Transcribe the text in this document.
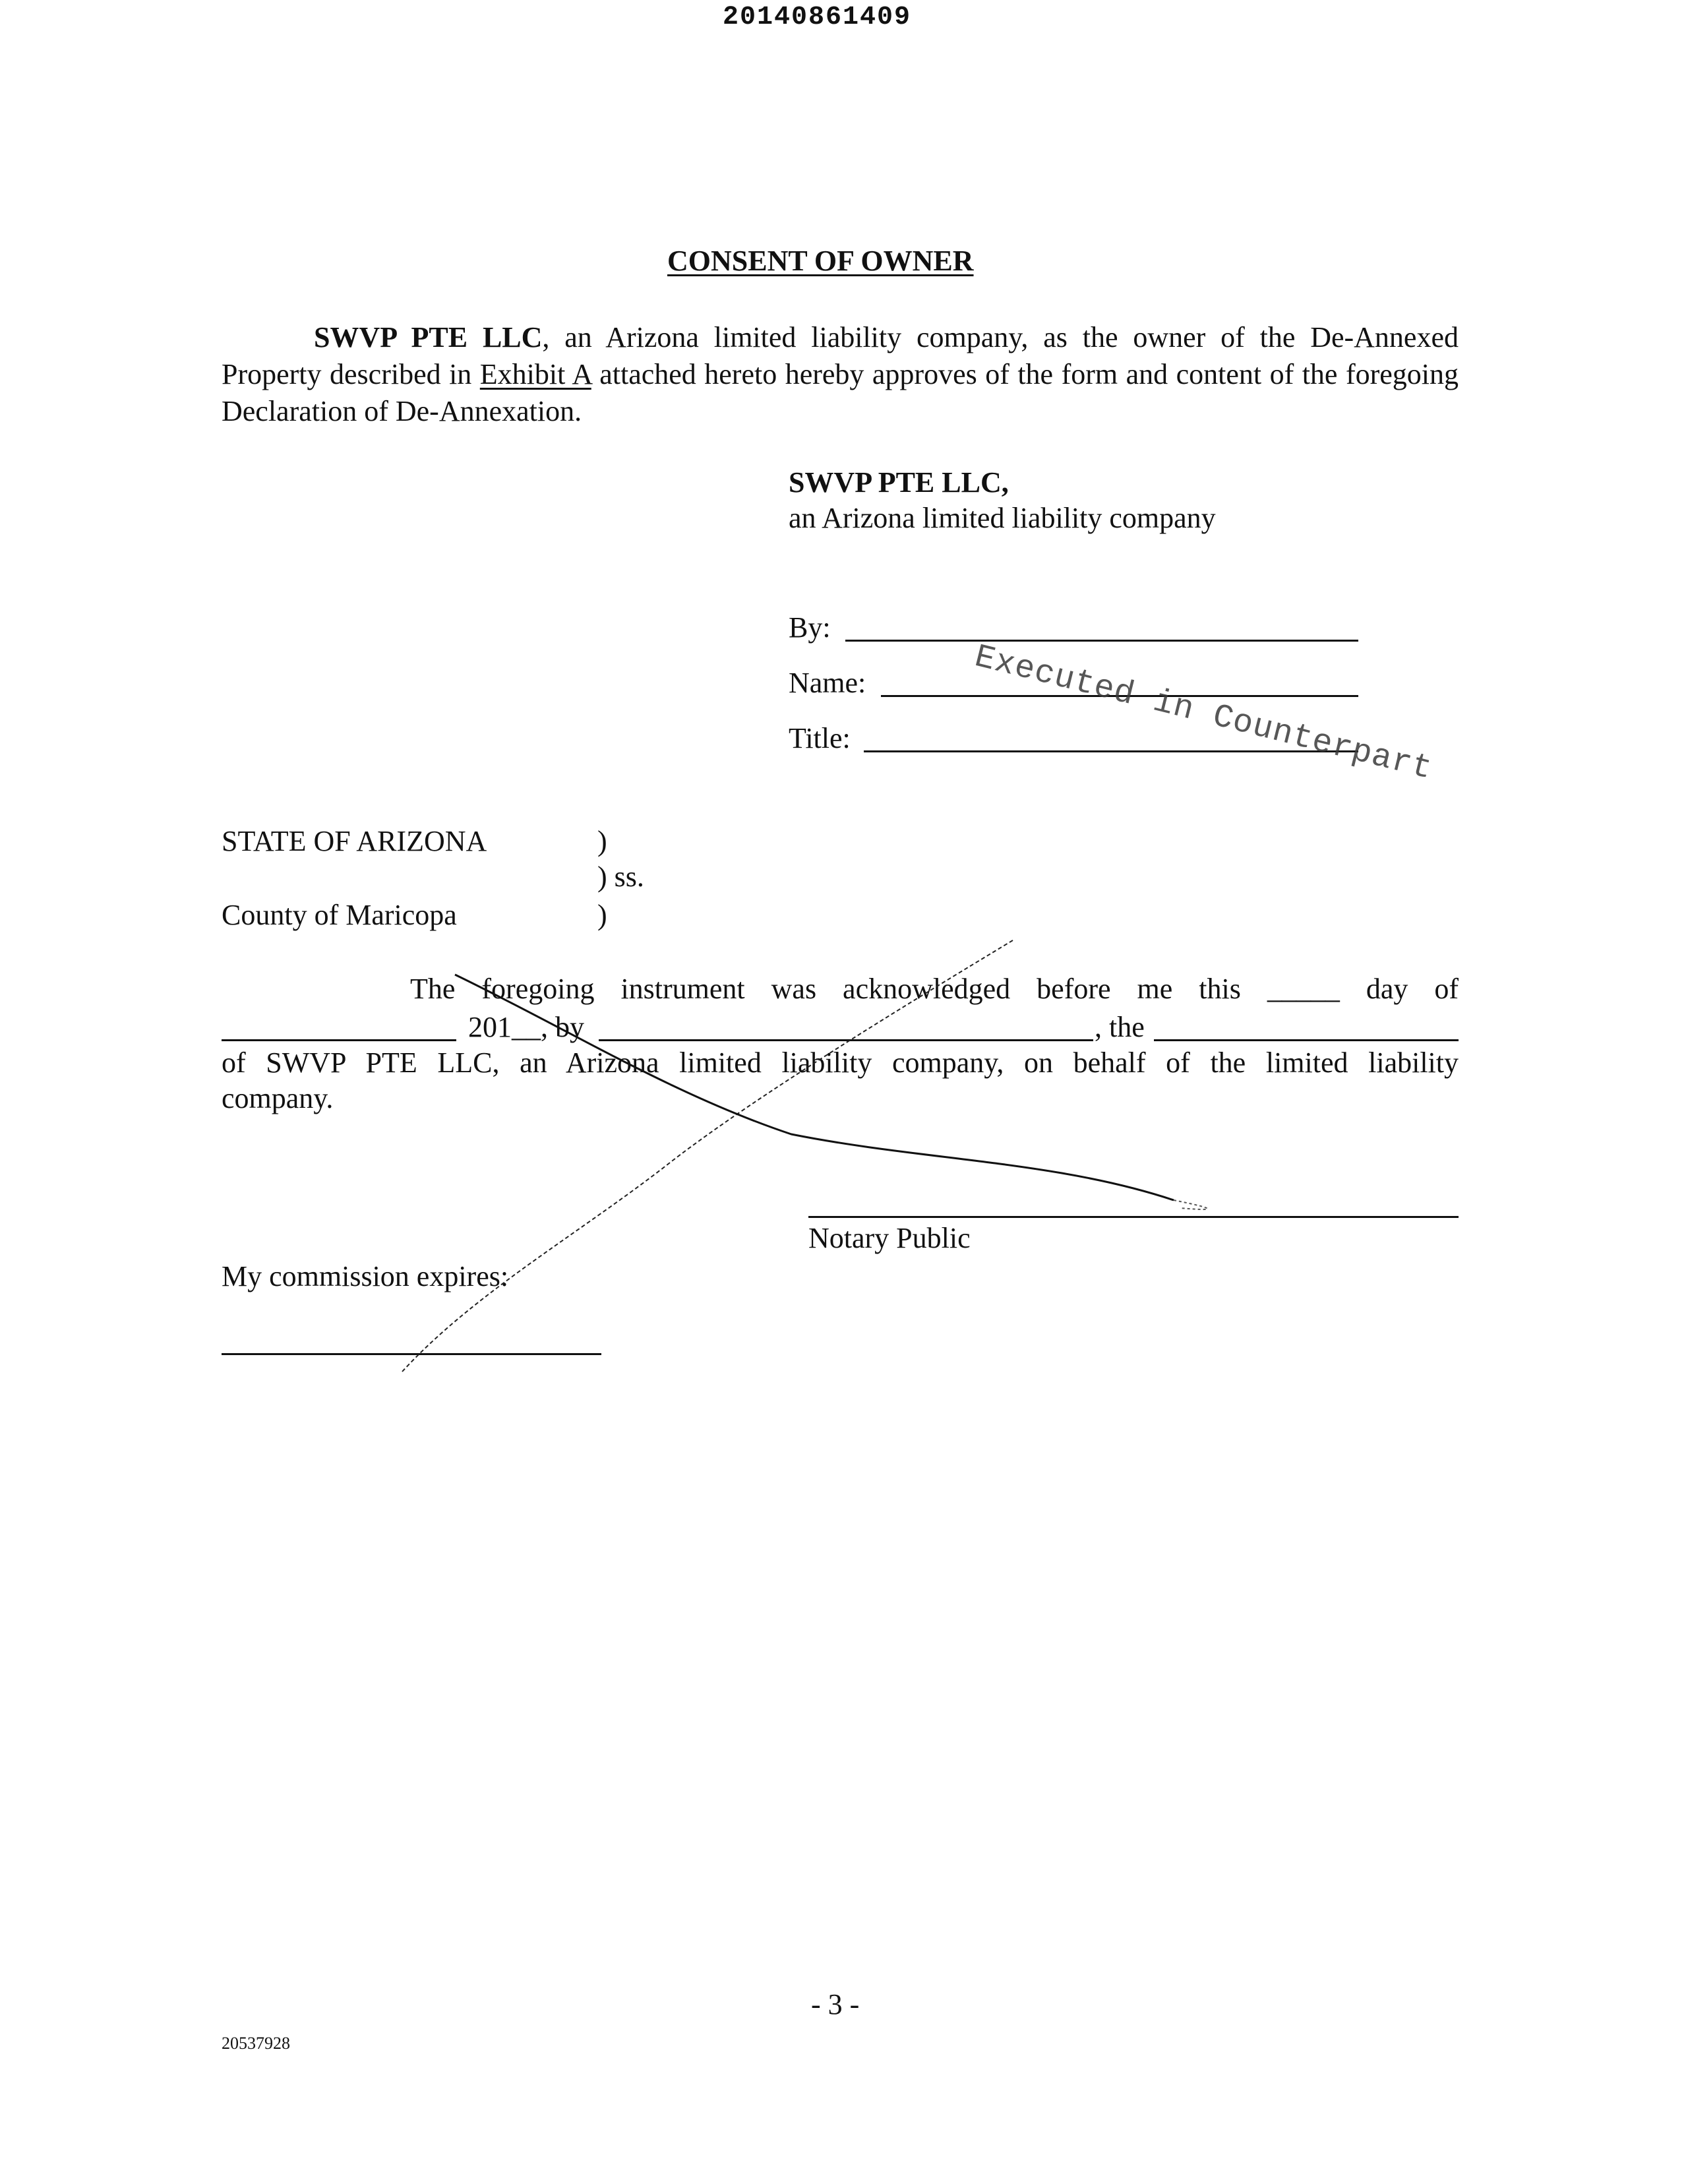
20140861409
CONSENT OF OWNER
SWVP PTE LLC, an Arizona limited liability company, as the owner of the De-Annexed Property described in Exhibit A attached hereto hereby approves of the form and content of the foregoing Declaration of De-Annexation.
SWVP PTE LLC,
an Arizona limited liability company
By:
Name:
Title:	Executed in Counterpart
STATE OF ARIZONA	)
) ss.
County of Maricopa	)
The foregoing instrument was acknowledged before me this _____ day of
201__, by	, the
of SWVP PTE LLC, an Arizona limited liability company, on behalf of the limited liability
company.
Notary Public
My commission expires:
- 3 -
20537928
